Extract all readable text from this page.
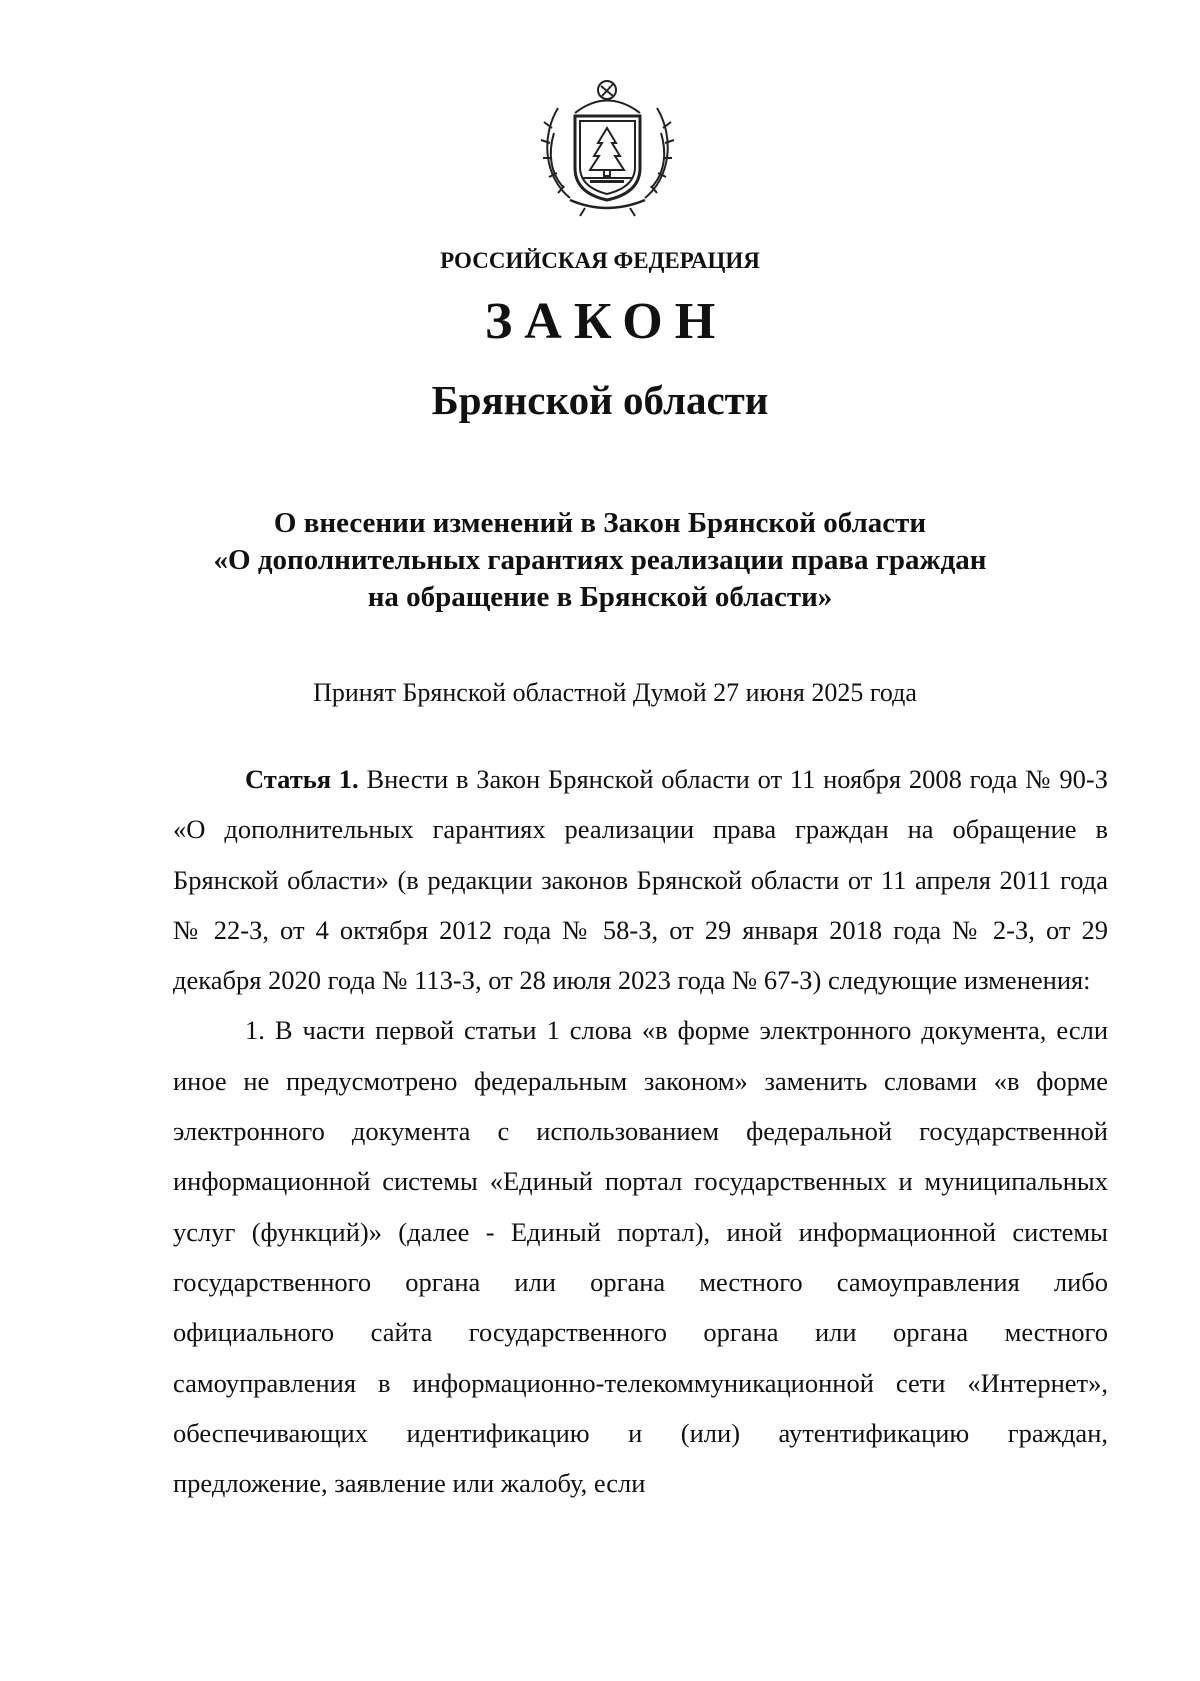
РОССИЙСКАЯ ФЕДЕРАЦИЯ
ЗАКОН
Брянской области
О внесении изменений в Закон Брянской области
«О дополнительных гарантиях реализации права граждан
на обращение в Брянской области»
Принят Брянской областной Думой 27 июня 2025 года

Статья 1. Внести в Закон Брянской области от 11 ноября 2008 года № 90-З «О дополнительных гарантиях реализации права граждан на обращение в Брянской области» (в редакции законов Брянской области от 11 апреля 2011 года № 22-З, от 4 октября 2012 года № 58-З, от 29 января 2018 года № 2-З, от 29 декабря 2020 года № 113-З, от 28 июля 2023 года № 67-З) следующие изменения:

1. В части первой статьи 1 слова «в форме электронного документа, если иное не предусмотрено федеральным законом» заменить словами «в форме электронного документа с использованием федеральной государственной информационной системы «Единый портал государственных и муниципальных услуг (функций)» (далее - Единый портал), иной информационной системы государственного органа или органа местного самоуправления либо официального сайта государственного органа или органа местного самоуправления в информационно-телекоммуникационной сети «Интернет», обеспечивающих идентификацию и (или) аутентификацию граждан, предложение, заявление или жалобу, если
